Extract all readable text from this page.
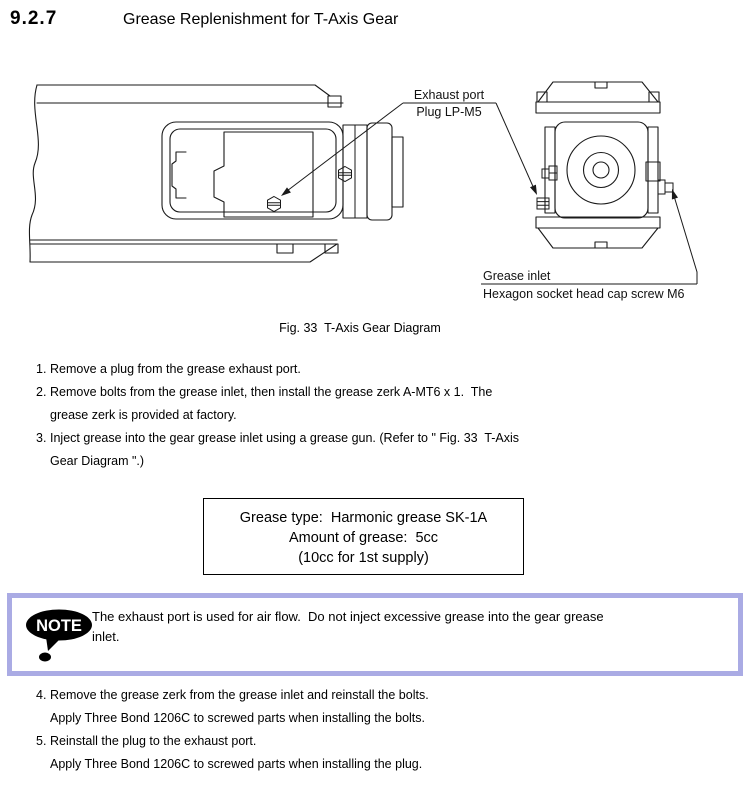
9.2.7	Grease Replenishment for T-Axis Gear
Exhaust port
Plug LP-M5
Grease inlet
Hexagon socket head cap screw M6
Fig. 33  T-Axis Gear Diagram
1. Remove a plug from the grease exhaust port.
2. Remove bolts from the grease inlet, then install the grease zerk A-MT6 x 1.  The
grease zerk is provided at factory.
3. Inject grease into the gear grease inlet using a grease gun. (Refer to " Fig. 33  T-Axis
Gear Diagram ".)
Grease type:  Harmonic grease SK-1A
Amount of grease:  5cc
(10cc for 1st supply)
NOTE
The exhaust port is used for air flow.  Do not inject excessive grease into the gear grease
inlet.
4. Remove the grease zerk from the grease inlet and reinstall the bolts.
Apply Three Bond 1206C to screwed parts when installing the bolts.
5. Reinstall the plug to the exhaust port.
Apply Three Bond 1206C to screwed parts when installing the plug.
